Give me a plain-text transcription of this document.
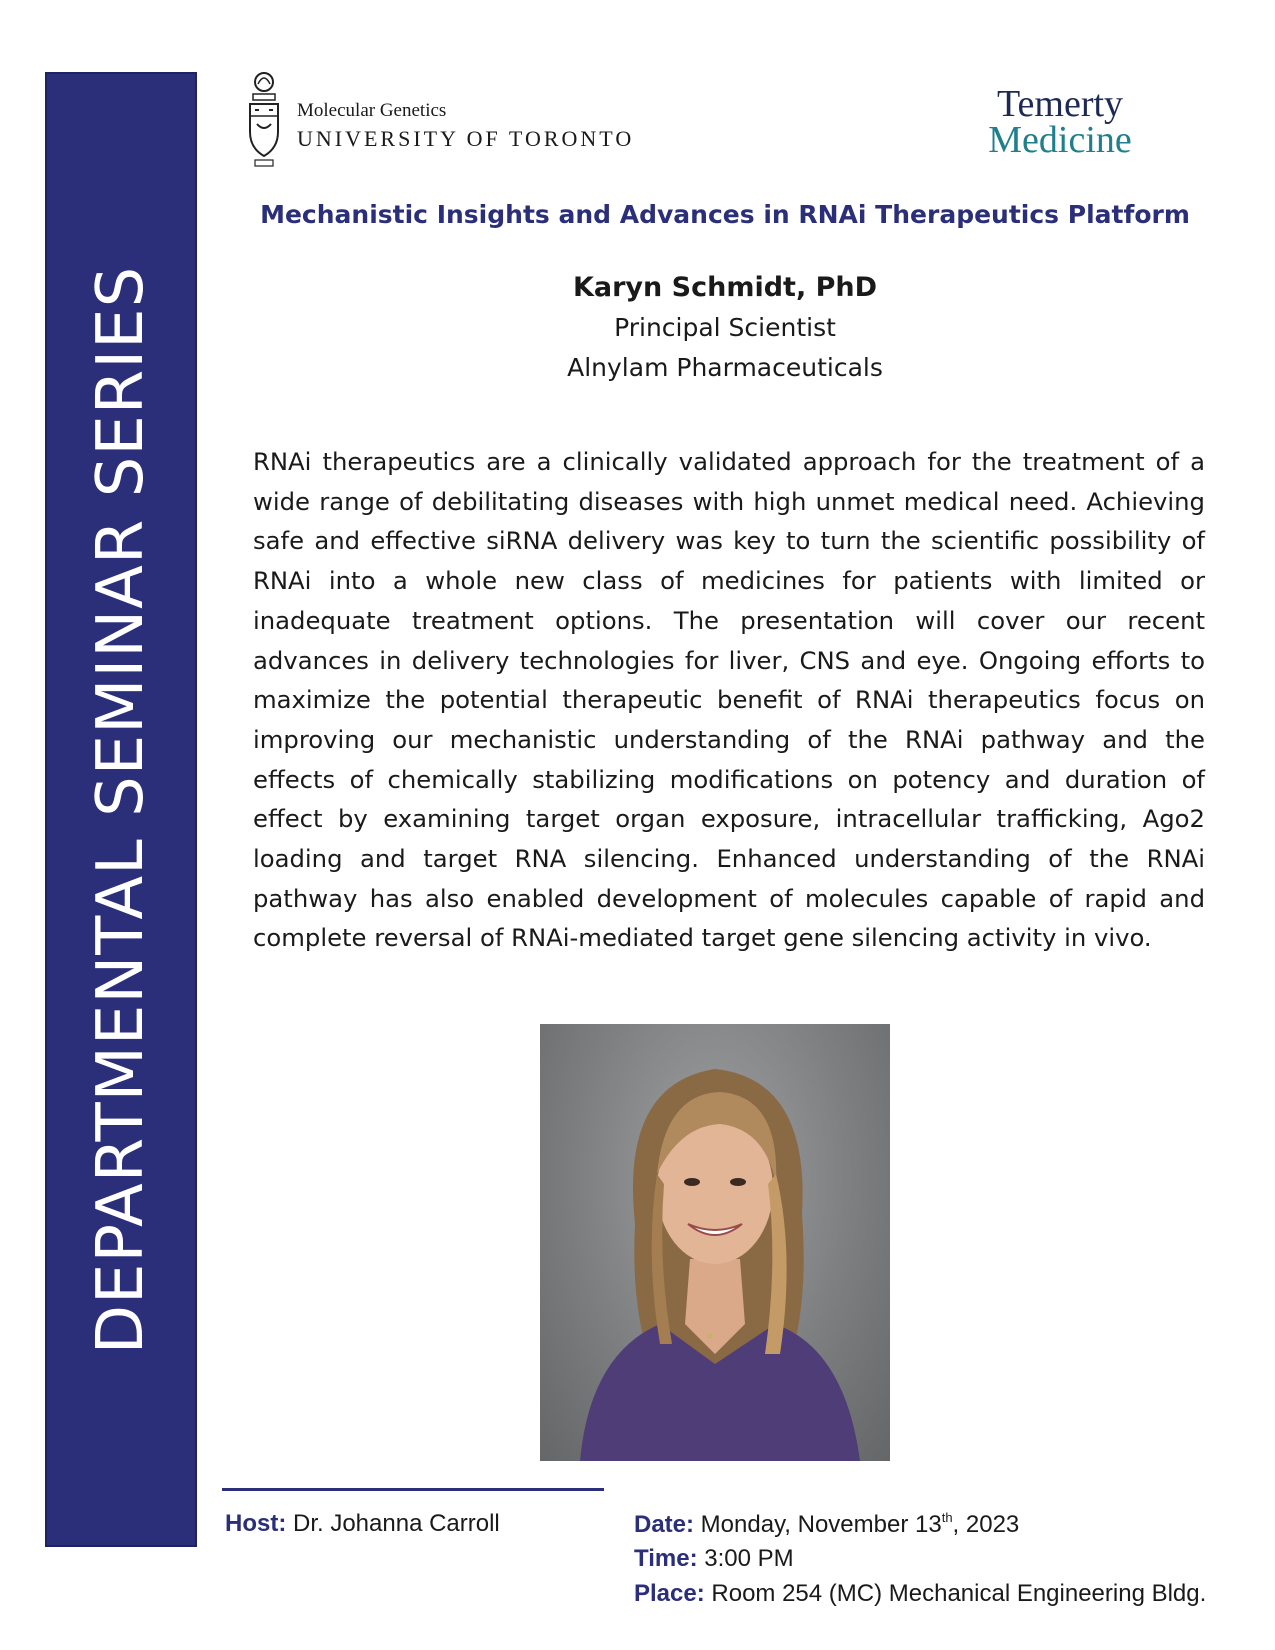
DEPARTMENTAL SEMINAR SERIES
Molecular Genetics
UNIVERSITY OF TORONTO
Temerty
Medicine
Mechanistic Insights and Advances in RNAi Therapeutics Platform
Karyn Schmidt, PhD
Principal Scientist
Alnylam Pharmaceuticals
RNAi therapeutics are a clinically validated approach for the treatment of a wide range of debilitating diseases with high unmet medical need. Achieving safe and effective siRNA delivery was key to turn the scientific possibility of RNAi into a whole new class of medicines for patients with limited or inadequate treatment options. The presentation will cover our recent advances in delivery technologies for liver, CNS and eye. Ongoing efforts to maximize the potential therapeutic benefit of RNAi therapeutics focus on improving our mechanistic understanding of the RNAi pathway and the effects of chemically stabilizing modifications on potency and duration of effect by examining target organ exposure, intracellular trafficking, Ago2 loading and target RNA silencing. Enhanced understanding of the RNAi pathway has also enabled development of molecules capable of rapid and complete reversal of RNAi-mediated target gene silencing activity in vivo.
Host: Dr. Johanna Carroll	Date: Monday, November 13th, 2023
Time: 3:00 PM
Place: Room 254 (MC) Mechanical Engineering Bldg.
